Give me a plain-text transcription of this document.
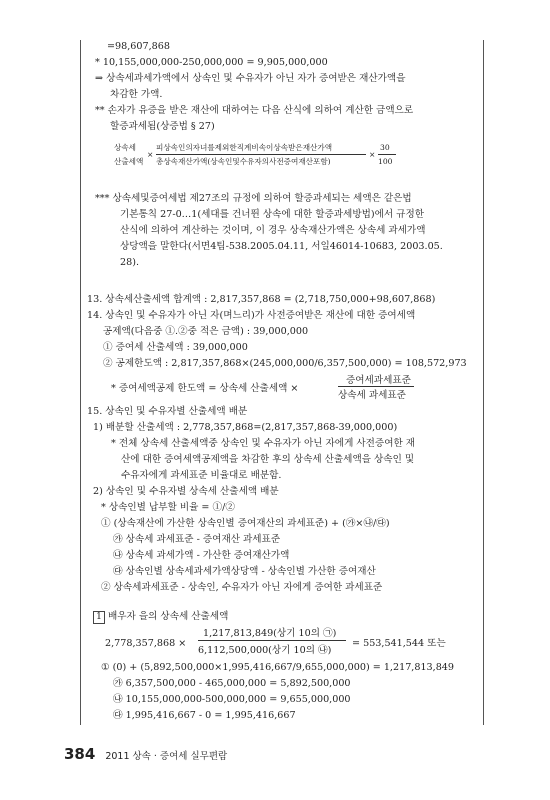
=98,607,868
* 10,155,000,000-250,000,000 = 9,905,000,000
⇒ 상속세과세가액에서 상속인 및 수유자가 아닌 자가 증여받은 재산가액을
차감한 가액.
** 손자가 유증을 받은 재산에 대하여는 다음 산식에 의하여 계산한 금액으로
할증과세됨(상증법 § 27)
상속세
산출세액
×
피상속인의자녀를제외한직계비속이상속받은재산가액
총상속재산가액(상속인및수유자의사전증여재산포함)
×
30
100
*** 상속세및증여세법 제27조의 규정에 의하여 할증과세되는 세액은 같은법
기본통칙 27-0…1(세대를 건너뛴 상속에 대한 할증과세방법)에서 규정한
산식에 의하여 계산하는 것이며, 이 경우 상속재산가액은 상속세 과세가액
상당액을 말한다(서면4팀-538.2005.04.11, 서일46014-10683, 2003.05.
28).
13. 상속세산출세액 합계액 : 2,817,357,868 = (2,718,750,000+98,607,868)
14. 상속인 및 수유자가 아닌 자(며느리)가 사전증여받은 재산에 대한 증여세액
공제액(다음중 ①.②중 적은 금액) : 39,000,000
① 증여세 산출세액 : 39,000,000
② 공제한도액 : 2,817,357,868×(245,000,000/6,357,500,000) = 108,572,973
* 증여세액공제 한도액 = 상속세 산출세액 ×
증여세과세표준
상속세 과세표준
15. 상속인 및 수유자별 산출세액 배분
1) 배분할 산출세액 : 2,778,357,868=(2,817,357,868-39,000,000)
* 전체 상속세 산출세액중 상속인 및 수유자가 아닌 자에게 사전증여한 재
산에 대한 증여세액공제액을 차감한 후의 상속세 산출세액을 상속인 및
수유자에게 과세표준 비율대로 배분함.
2) 상속인 및 수유자별 상속세 산출세액 배분
* 상속인별 납부할 비율 = ①/②
① (상속재산에 가산한 상속인별 증여재산의 과세표준) + (㉮×㉯/㉰)
㉮ 상속세 과세표준 - 증여재산 과세표준
㉯ 상속세 과세가액 - 가산한 증여재산가액
㉰ 상속인별 상속세과세가액상당액 - 상속인별 가산한 증여재산
② 상속세과세표준 - 상속인, 수유자가 아닌 자에게 증여한 과세표준
1 배우자 을의 상속세 산출세액
2,778,357,868 ×
1,217,813,849(상기 10의 ㉠)
6,112,500,000(상기 10의 ㉯)
= 553,541,544 또는
① (0) + (5,892,500,000×1,995,416,667/9,655,000,000) = 1,217,813,849
㉮ 6,357,500,000 - 465,000,000 = 5,892,500,000
㉯ 10,155,000,000-500,000,000 = 9,655,000,000
㉰ 1,995,416,667 - 0 = 1,995,416,667
384 2011 상속 · 증여세 실무편람
